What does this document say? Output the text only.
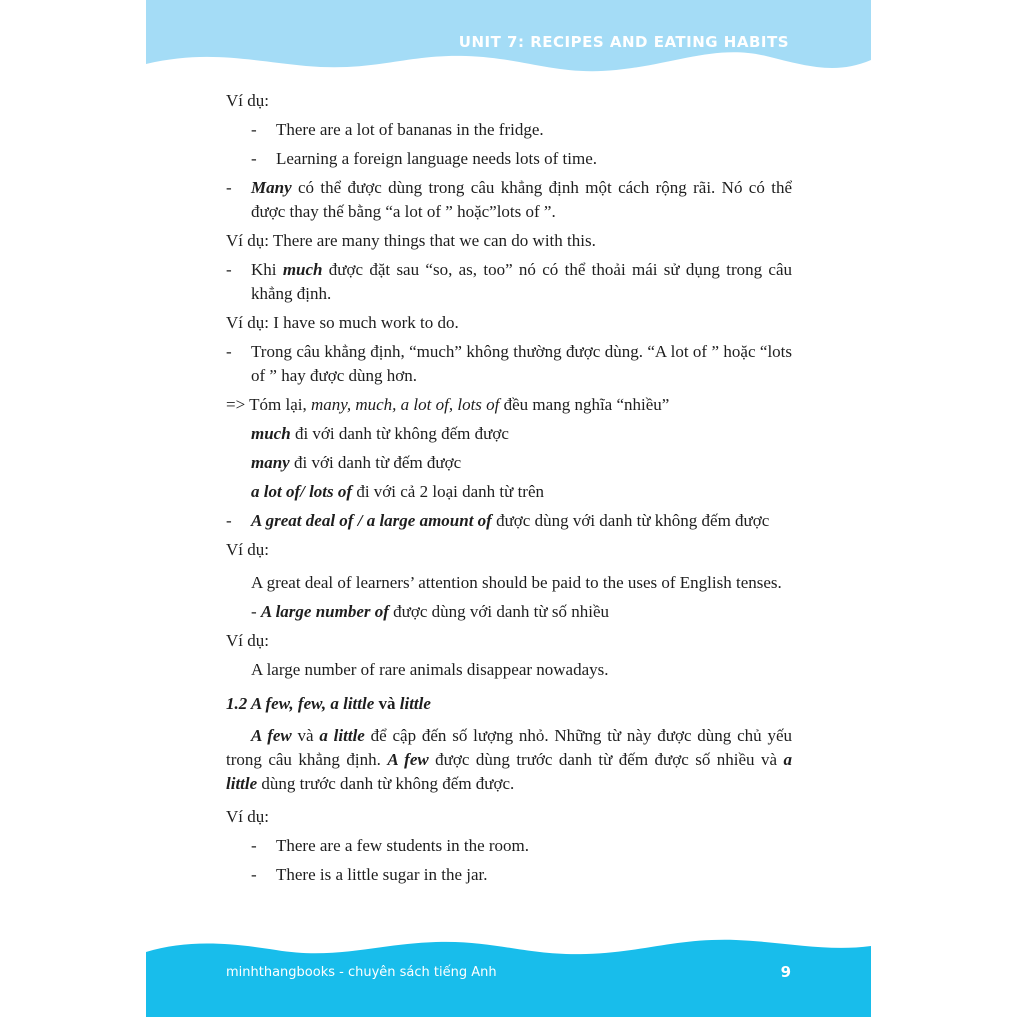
UNIT 7: RECIPES AND EATING HABITS
minhthangbooks - chuyên sách tiếng Anh	9
Ví dụ:
-	There are a lot of bananas in the fridge.
-	Learning a foreign language needs lots of time.
-	Many có thể được dùng trong câu khẳng định một cách rộng rãi. Nó có thể được thay thế bằng “a lot of ” hoặc”lots of ”.
Ví dụ: There are many things that we can do with this.
-	Khi much được đặt sau “so, as, too” nó có thể thoải mái sử dụng trong câu khẳng định.
Ví dụ: I have so much work to do.
-	Trong câu khẳng định, “much” không thường được dùng. “A lot of ” hoặc “lots of ” hay được dùng hơn.
=> Tóm lại, many, much, a lot of, lots of đều mang nghĩa “nhiều”
much đi với danh từ không đếm được
many đi với danh từ đếm được
a lot of/ lots of đi với cả 2 loại danh từ trên
-	A great deal of / a large amount of được dùng với danh từ không đếm được
Ví dụ:
A great deal of learners’ attention should be paid to the uses of English tenses.
- A large number of được dùng với danh từ số nhiều
Ví dụ:
A large number of rare animals disappear nowadays.
1.2 A few, few, a little và little
A few và a little để cập đến số lượng nhỏ. Những từ này được dùng chủ yếu trong câu khẳng định. A few được dùng trước danh từ đếm được số nhiều và a little dùng trước danh từ không đếm được.
Ví dụ:
-	There are a few students in the room.
-	There is a little sugar in the jar.
